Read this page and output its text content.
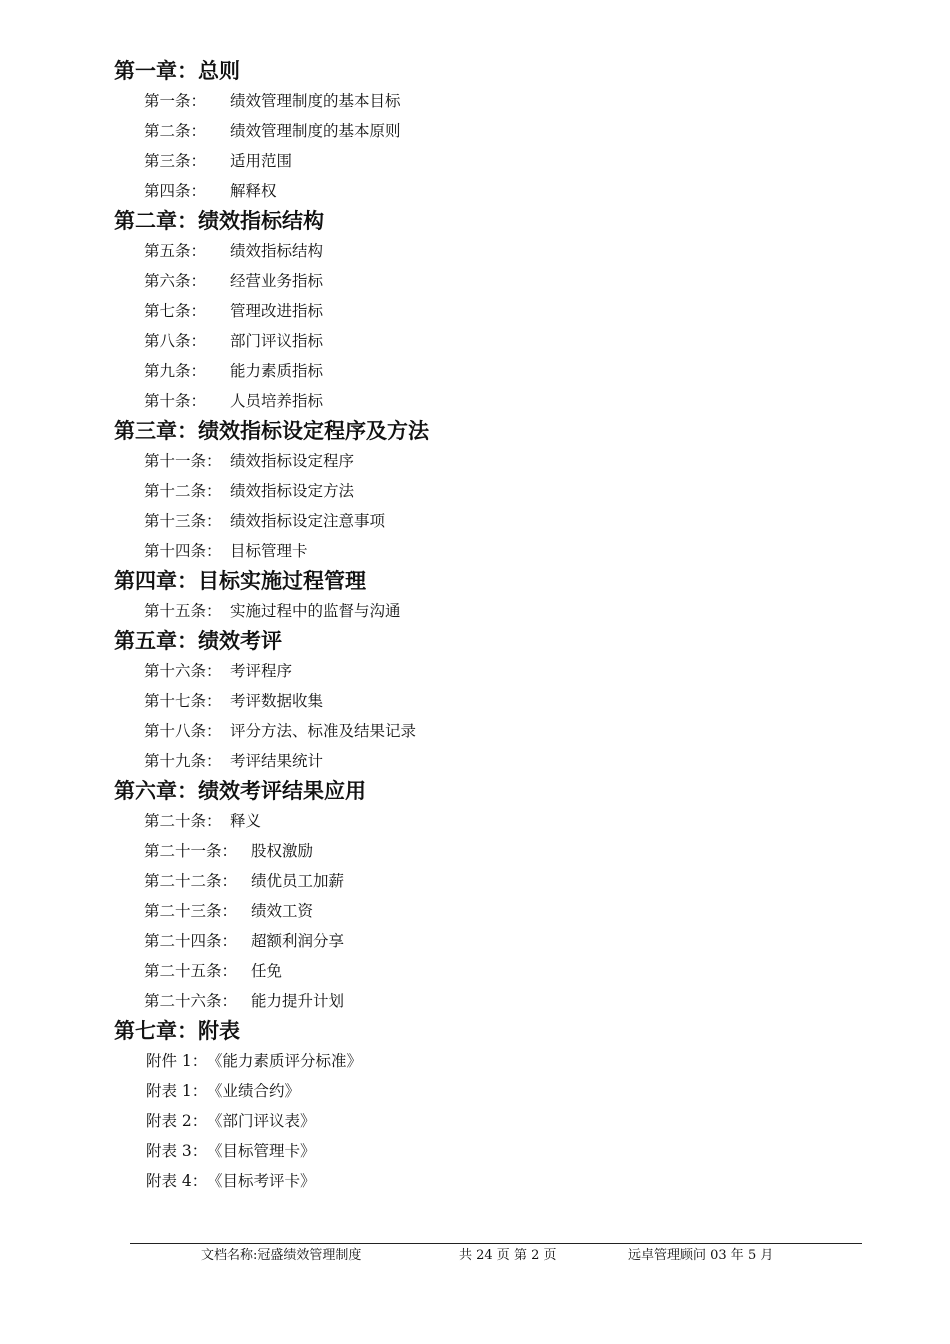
第一章：总则
第一条： 绩效管理制度的基本目标
第二条： 绩效管理制度的基本原则
第三条： 适用范围
第四条： 解释权
第二章：绩效指标结构
第五条： 绩效指标结构
第六条： 经营业务指标
第七条： 管理改进指标
第八条： 部门评议指标
第九条： 能力素质指标
第十条： 人员培养指标
第三章：绩效指标设定程序及方法
第十一条： 绩效指标设定程序
第十二条： 绩效指标设定方法
第十三条： 绩效指标设定注意事项
第十四条： 目标管理卡
第四章：目标实施过程管理
第十五条： 实施过程中的监督与沟通
第五章：绩效考评
第十六条： 考评程序
第十七条： 考评数据收集
第十八条： 评分方法、标准及结果记录
第十九条： 考评结果统计
第六章：绩效考评结果应用
第二十条： 释义
第二十一条： 股权激励
第二十二条： 绩优员工加薪
第二十三条： 绩效工资
第二十四条： 超额利润分享
第二十五条： 任免
第二十六条： 能力提升计划
第七章：附表
附件 1： 《能力素质评分标准》
附表 1： 《业绩合约》
附表 2： 《部门评议表》
附表 3： 《目标管理卡》
附表 4： 《目标考评卡》
文档名称:冠盛绩效管理制度	共 24 页 第 2 页	远卓管理顾问 03 年 5 月
